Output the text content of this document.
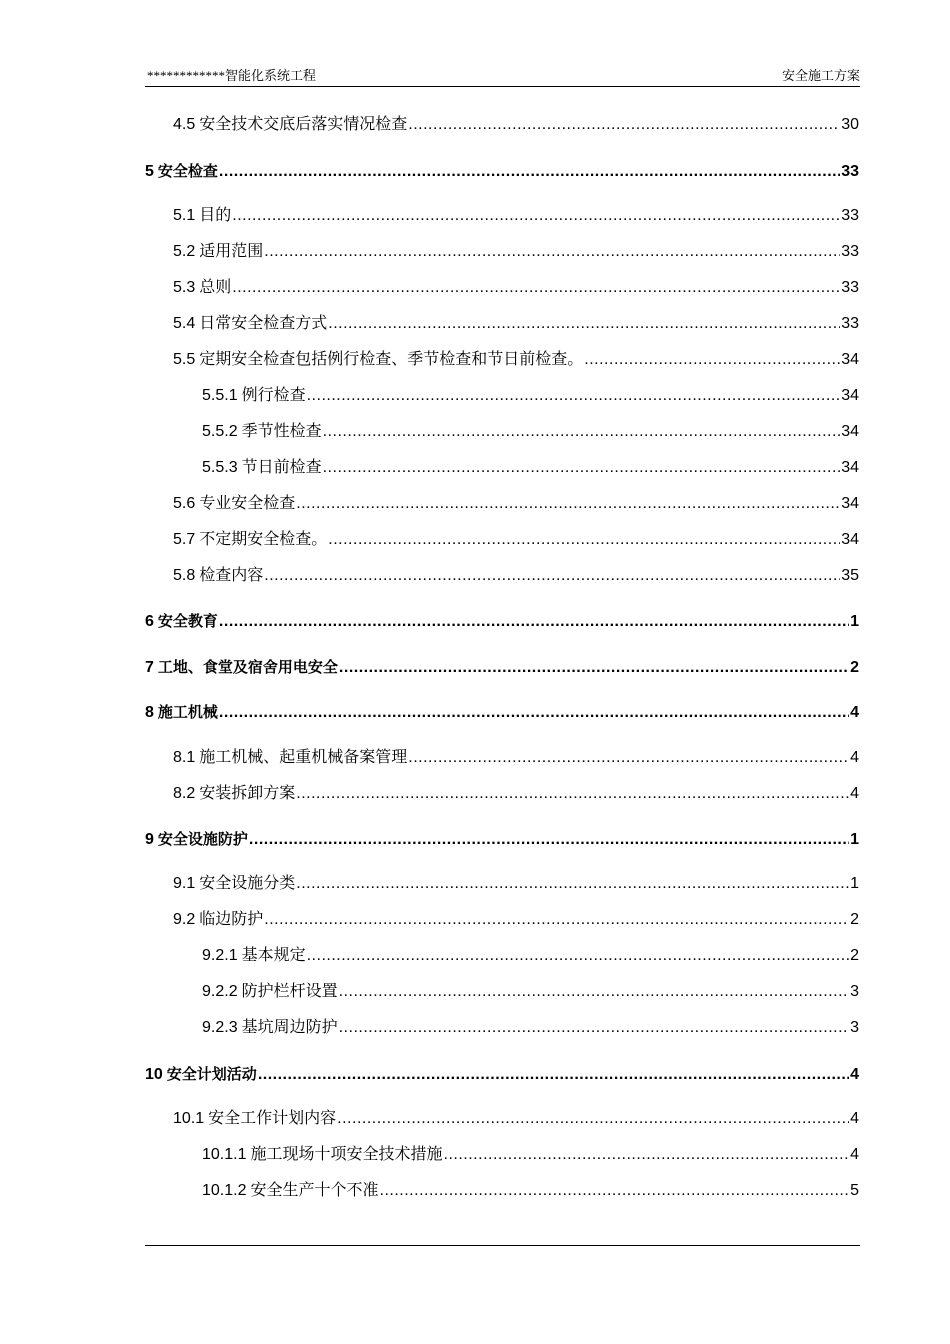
************智能化系统工程	安全施工方案
4.5 安全技术交底后落实情况检查 .....	30
5 安全检查 .....	33
5.1 目的 .....	33
5.2 适用范围 .....	33
5.3 总则 .....	33
5.4 日常安全检查方式 .....	33
5.5 定期安全检查包括例行检查、季节检查和节日前检查。 .....	34
5.5.1 例行检查 .....	34
5.5.2 季节性检查 .....	34
5.5.3 节日前检查 .....	34
5.6 专业安全检查 .....	34
5.7 不定期安全检查。 .....	34
5.8 检查内容 .....	35
6 安全教育 .....	1
7 工地、食堂及宿舍用电安全 .....	2
8 施工机械 .....	4
8.1 施工机械、起重机械备案管理 .....	4
8.2 安装拆卸方案 .....	4
9 安全设施防护 .....	1
9.1 安全设施分类 .....	1
9.2 临边防护 .....	2
9.2.1 基本规定 .....	2
9.2.2 防护栏杆设置 .....	3
9.2.3 基坑周边防护 .....	3
10 安全计划活动 .....	4
10.1 安全工作计划内容 .....	4
10.1.1 施工现场十项安全技术措施 .....	4
10.1.2 安全生产十个不准 .....	5
